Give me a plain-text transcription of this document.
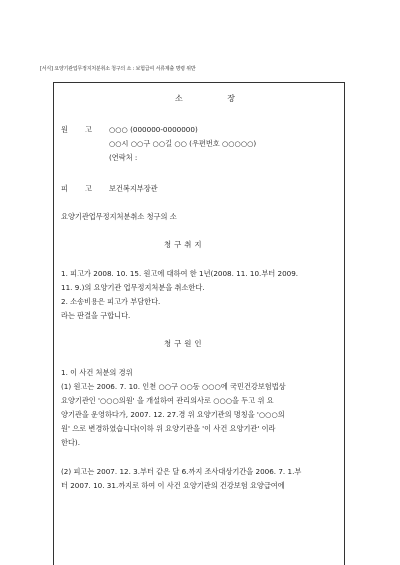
[서식] 요양기관업무정지처분취소 청구의 소 : 보험급여 서류제출 명령 위반
소	장
원 고 ○○○ (000000-0000000)
○○시 ○○구 ○○길 ○○ (우편번호 ○○○○○)
(연락처 :
피 고 보건복지부장관
요양기관업무정지처분취소 청구의 소
청구취지
1. 피고가 2008. 10. 15. 원고에 대하여 한 1년(2008. 11. 10.부터 2009.
11. 9.)의 요양기관 업무정지처분을 취소한다.
2. 소송비용은 피고가 부담한다.
라는 판결을 구합니다.
청구원인
1. 이 사건 처분의 경위
(1) 원고는 2006. 7. 10. 인천 ○○구 ○○동 ○○○에 국민건강보험법상
요양기관인 '○○○의원' 을 개설하여 관리의사로 ○○○을 두고 위 요
양기관을 운영하다가, 2007. 12. 27.경 위 요양기관의 명칭을 '○○○의
원' 으로 변경하였습니다(이하 위 요양기관을 '이 사건 요양기관' 이라
한다).
(2) 피고는 2007. 12. 3.부터 같은 달 6.까지 조사대상기간을 2006. 7. 1.부
터 2007. 10. 31.까지로 하여 이 사건 요양기관의 건강보험 요양급여에
